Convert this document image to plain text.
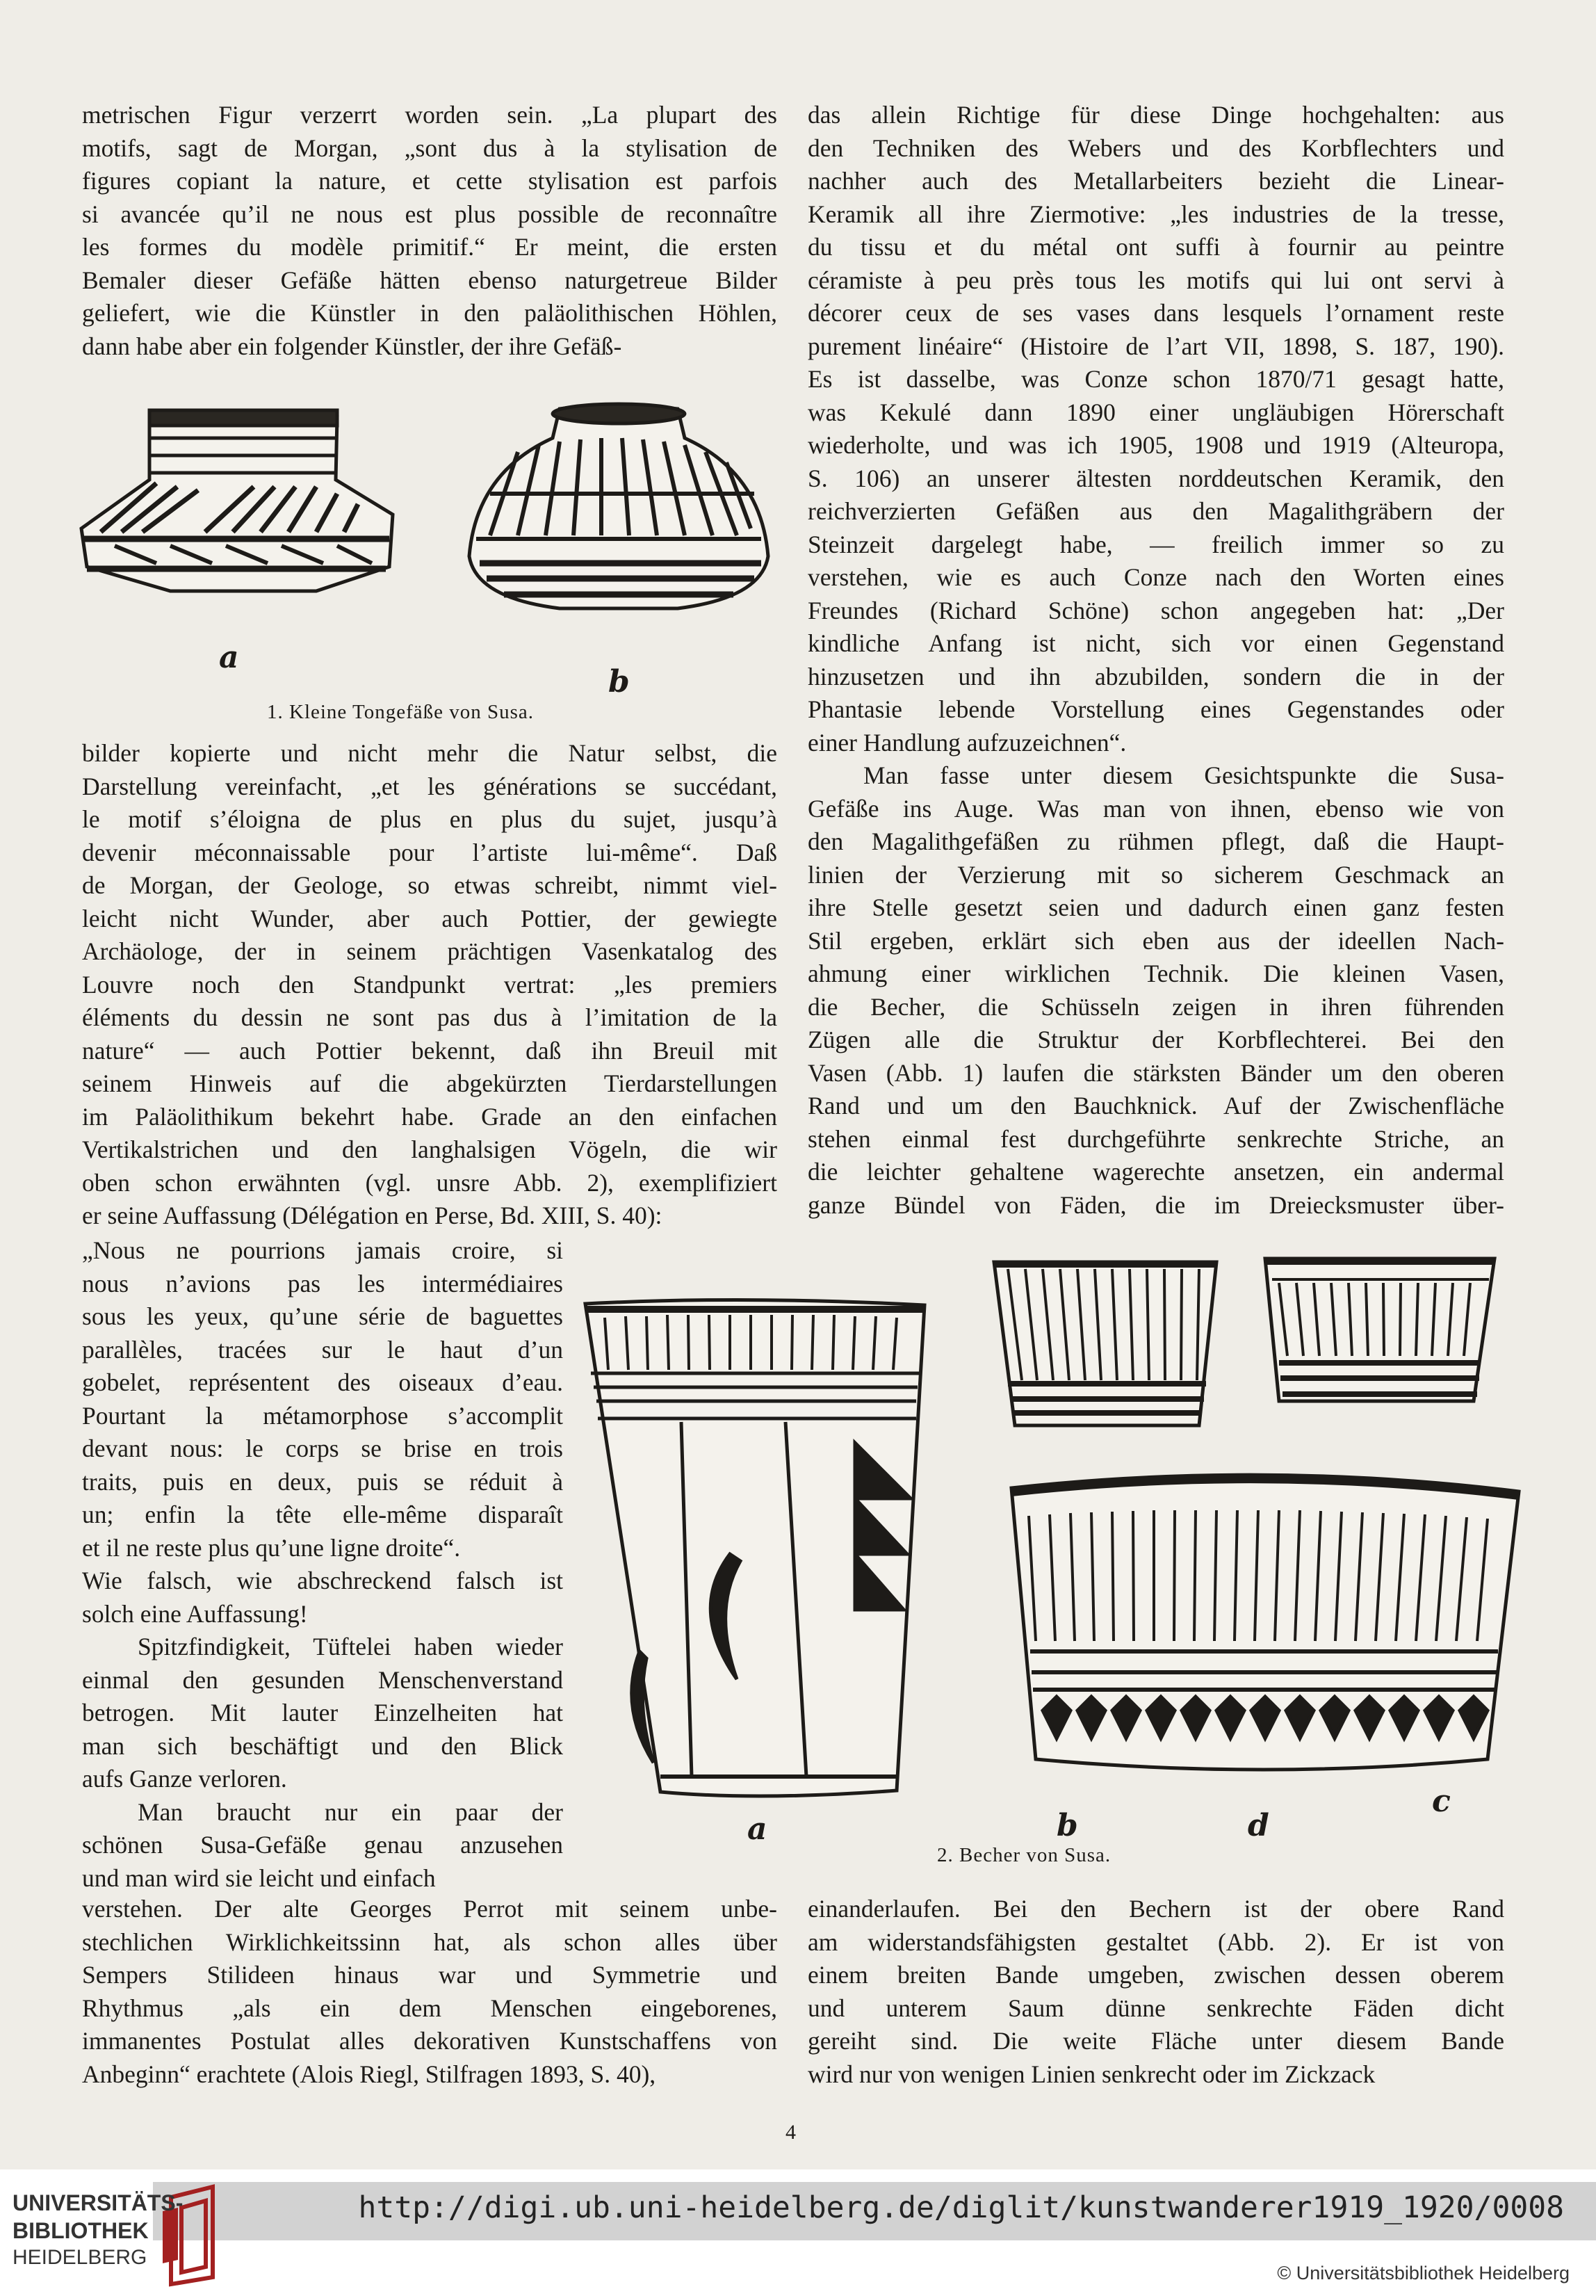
metrischen Figur verzerrt worden sein. „La plupart des
motifs, sagt de Morgan, „sont dus à la stylisation de
figures copiant la nature, et cette stylisation est parfois
si avancée qu’il ne nous est plus possible de reconnaître
les formes du modèle primitif.“ Er meint, die ersten
Bemaler dieser Gefäße hätten ebenso naturgetreue Bilder
geliefert, wie die Künstler in den paläolithischen Höhlen,
dann habe aber ein folgender Künstler, der ihre Gefäß-
a
b
1. Kleine Tongefäße von Susa.
bilder kopierte und nicht mehr die Natur selbst, die
Darstellung vereinfacht, „et les générations se succédant,
le motif s’éloigna de plus en plus du sujet, jusqu’à
devenir méconnaissable pour l’artiste lui-même“. Daß
de Morgan, der Geologe, so etwas schreibt, nimmt viel-
leicht nicht Wunder, aber auch Pottier, der gewiegte
Archäologe, der in seinem prächtigen Vasenkatalog des
Louvre noch den Standpunkt vertrat: „les premiers
éléments du dessin ne sont pas dus à l’imitation de la
nature“ — auch Pottier bekennt, daß ihn Breuil mit
seinem Hinweis auf die abgekürzten Tierdarstellungen
im Paläolithikum bekehrt habe. Grade an den einfachen
Vertikalstrichen und den langhalsigen Vögeln, die wir
oben schon erwähnten (vgl. unsre Abb. 2), exemplifiziert
er seine Auffassung (Délégation en Perse, Bd. XIII, S. 40):
„Nous ne pourrions jamais croire, si
nous n’avions pas les intermédiaires
sous les yeux, qu’une série de baguettes
parallèles, tracées sur le haut d’un
gobelet, représentent des oiseaux d’eau.
Pourtant la métamorphose s’accomplit
devant nous: le corps se brise en trois
traits, puis en deux, puis se réduit à
un; enfin la tête elle-même disparaît
et il ne reste plus qu’une ligne droite“.
Wie falsch, wie abschreckend falsch ist
solch eine Auffassung!
Spitzfindigkeit, Tüftelei haben wieder
einmal den gesunden Menschenverstand
betrogen. Mit lauter Einzelheiten hat
man sich beschäftigt und den Blick
aufs Ganze verloren.
Man braucht nur ein paar der
schönen Susa-Gefäße genau anzusehen
und man wird sie leicht und einfach
a
verstehen. Der alte Georges Perrot mit seinem unbe-
stechlichen Wirklichkeitssinn hat, als schon alles über
Sempers Stilideen hinaus war und Symmetrie und
Rhythmus „als ein dem Menschen eingeborenes,
immanentes Postulat alles dekorativen Kunstschaffens von
Anbeginn“ erachtete (Alois Riegl, Stilfragen 1893, S. 40),
das allein Richtige für diese Dinge hochgehalten: aus
den Techniken des Webers und des Korbflechters und
nachher auch des Metallarbeiters bezieht die Linear-
Keramik all ihre Ziermotive: „les industries de la tresse,
du tissu et du métal ont suffi à fournir au peintre
céramiste à peu près tous les motifs qui lui ont servi à
décorer ceux de ses vases dans lesquels l’ornament reste
purement linéaire“ (Histoire de l’art VII, 1898, S. 187, 190).
Es ist dasselbe, was Conze schon 1870/71 gesagt hatte,
was Kekulé dann 1890 einer ungläubigen Hörerschaft
wiederholte, und was ich 1905, 1908 und 1919 (Alteuropa,
S. 106) an unserer ältesten norddeutschen Keramik, den
reichverzierten Gefäßen aus den Magalithgräbern der
Steinzeit dargelegt habe, — freilich immer so zu
verstehen, wie es auch Conze nach den Worten eines
Freundes (Richard Schöne) schon angegeben hat: „Der
kindliche Anfang ist nicht, sich vor einen Gegenstand
hinzusetzen und ihn abzubilden, sondern die in der
Phantasie lebende Vorstellung eines Gegenstandes oder
einer Handlung aufzuzeichnen“.
Man fasse unter diesem Gesichtspunkte die Susa-
Gefäße ins Auge. Was man von ihnen, ebenso wie von
den Magalithgefäßen zu rühmen pflegt, daß die Haupt-
linien der Verzierung mit so sicherem Geschmack an
ihre Stelle gesetzt seien und dadurch einen ganz festen
Stil ergeben, erklärt sich eben aus der ideellen Nach-
ahmung einer wirklichen Technik. Die kleinen Vasen,
die Becher, die Schüsseln zeigen in ihren führenden
Zügen alle die Struktur der Korbflechterei. Bei den
Vasen (Abb. 1) laufen die stärksten Bänder um den oberen
Rand und um den Bauchknick. Auf der Zwischenfläche
stehen einmal fest durchgeführte senkrechte Striche, an
die leichter gehaltene wagerechte ansetzen, ein andermal
ganze Bündel von Fäden, die im Dreiecksmuster über-
b	d
c
2. Becher von Susa.
einanderlaufen. Bei den Bechern ist der obere Rand
am widerstandsfähigsten gestaltet (Abb. 2). Er ist von
einem breiten Bande umgeben, zwischen dessen oberem
und unterem Saum dünne senkrechte Fäden dicht
gereiht sind. Die weite Fläche unter diesem Bande
wird nur von wenigen Linien senkrecht oder im Zickzack
4
http://digi.ub.uni-heidelberg.de/diglit/kunstwanderer1919_1920/0008
UNIVERSITÄTS-
BIBLIOTHEK
HEIDELBERG
© Universitätsbibliothek Heidelberg
